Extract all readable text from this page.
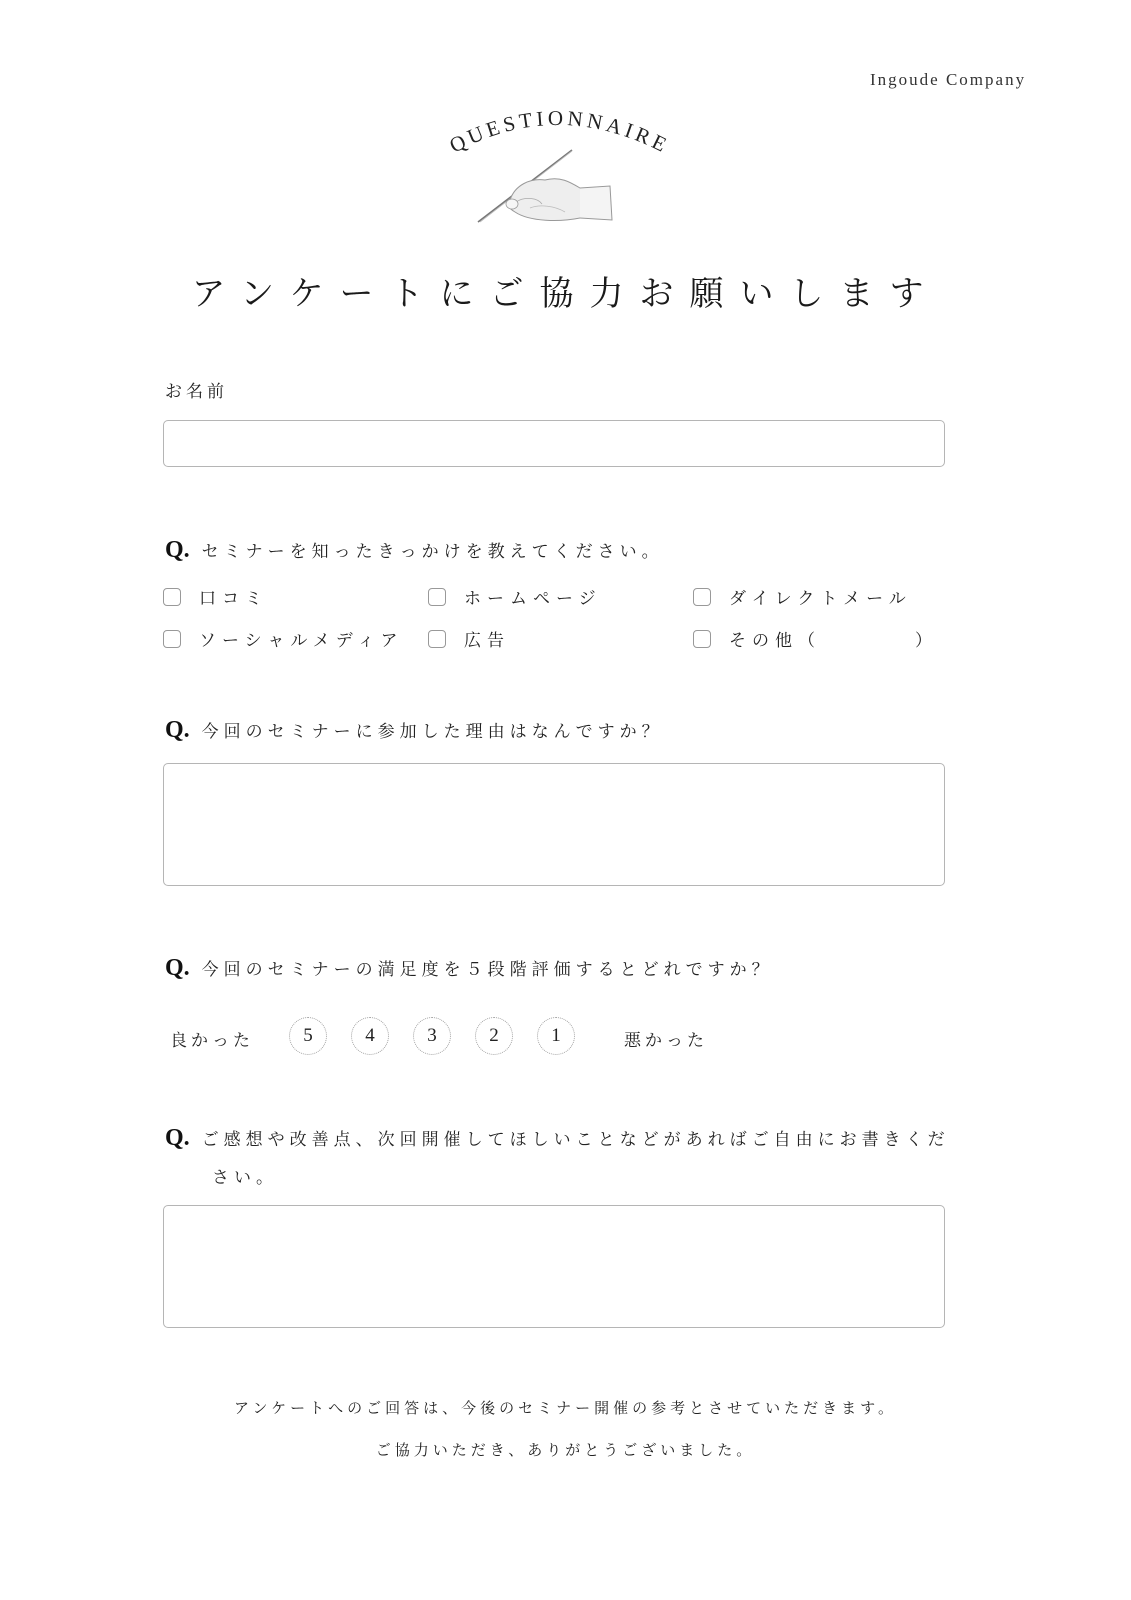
Ingoude Company
QUESTIONNAIRE
アンケートにご協力お願いします
お名前
Q. セミナーを知ったきっかけを教えてください。
口コミ	ホームページ	ダイレクトメール
ソーシャルメディア	広告	その他（	）
Q. 今回のセミナーに参加した理由はなんですか？
Q. 今回のセミナーの満足度を５段階評価するとどれですか？
良かった	5	4	3	2	1	悪かった
Q. ご感想や改善点、次回開催してほしいことなどがあればご自由にお書きくだ
さい。
アンケートへのご回答は、今後のセミナー開催の参考とさせていただきます。
ご協力いただき、ありがとうございました。
